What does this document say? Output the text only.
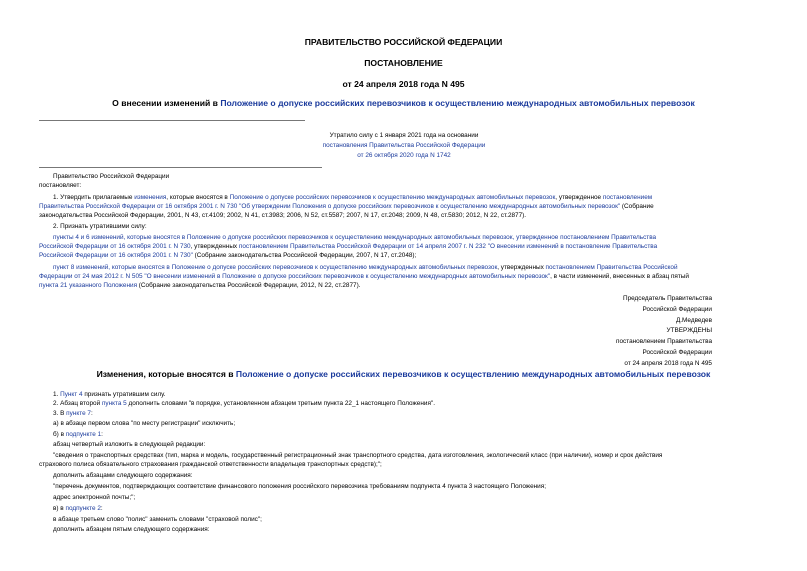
ПРАВИТЕЛЬСТВО РОССИЙСКОЙ ФЕДЕРАЦИИ
ПОСТАНОВЛЕНИЕ
от 24 апреля 2018 года N 495
О внесении изменений в Положение о допуске российских перевозчиков к осуществлению международных автомобильных перевозок
Утратило силу с 1 января 2021 года на основании
постановления Правительства Российской Федерации
от 26 октября 2020 года N 1742
Правительство Российской Федерации
постановляет:
1. Утвердить прилагаемые изменения, которые вносятся в Положение о допуске российских перевозчиков к осуществлению международных автомобильных перевозок, утвержденное постановлением
Правительства Российской Федерации от 16 октября 2001 г. N 730 "Об утверждении Положения о допуске российских перевозчиков к осуществлению международных автомобильных перевозок" (Собрание
законодательства Российской Федерации, 2001, N 43, ст.4109; 2002, N 41, ст.3983; 2006, N 52, ст.5587; 2007, N 17, ст.2048; 2009, N 48, ст.5830; 2012, N 22, ст.2877).
2. Признать утратившими силу:
пункты 4 и 6 изменений, которые вносятся в Положение о допуске российских перевозчиков к осуществлению международных автомобильных перевозок, утвержденное постановлением Правительства
Российской Федерации от 16 октября 2001 г. N 730, утвержденных постановлением Правительства Российской Федерации от 14 апреля 2007 г. N 232 "О внесении изменений в постановление Правительства
Российской Федерации от 16 октября 2001 г. N 730" (Собрание законодательства Российской Федерации, 2007, N 17, ст.2048);
пункт 8 изменений, которые вносятся в Положение о допуске российских перевозчиков к осуществлению международных автомобильных перевозок, утвержденных постановлением Правительства Российской
Федерации от 24 мая 2012 г. N 505 "О внесении изменений в Положение о допуске российских перевозчиков к осуществлению международных автомобильных перевозок", в части изменений, внесенных в абзац пятый
пункта 21 указанного Положения (Собрание законодательства Российской Федерации, 2012, N 22, ст.2877).
Председатель Правительства
Российской Федерации
Д.Медведев
УТВЕРЖДЕНЫ
постановлением Правительства
Российской Федерации
от 24 апреля 2018 года N 495
Изменения, которые вносятся в Положение о допуске российских перевозчиков к осуществлению международных автомобильных перевозок
1. Пункт 4 признать утратившим силу.
2. Абзац второй пункта 5 дополнить словами "в порядке, установленном абзацем третьим пункта 22_1 настоящего Положения".
3. В пункте 7:
а) в абзаце первом слова "по месту регистрации" исключить;
б) в подпункте 1:
абзац четвертый изложить в следующей редакции:
"сведения о транспортных средствах (тип, марка и модель, государственный регистрационный знак транспортного средства, дата изготовления, экологический класс (при наличии), номер и срок действия
страхового полиса обязательного страхования гражданской ответственности владельцев транспортных средств);";
дополнить абзацами следующего содержания:
"перечень документов, подтверждающих соответствие финансового положения российского перевозчика требованиям подпункта 4 пункта 3 настоящего Положения;
адрес электронной почты;";
в) в подпункте 2:
в абзаце третьем слово "полис" заменить словами "страховой полис";
дополнить абзацем пятым следующего содержания:
